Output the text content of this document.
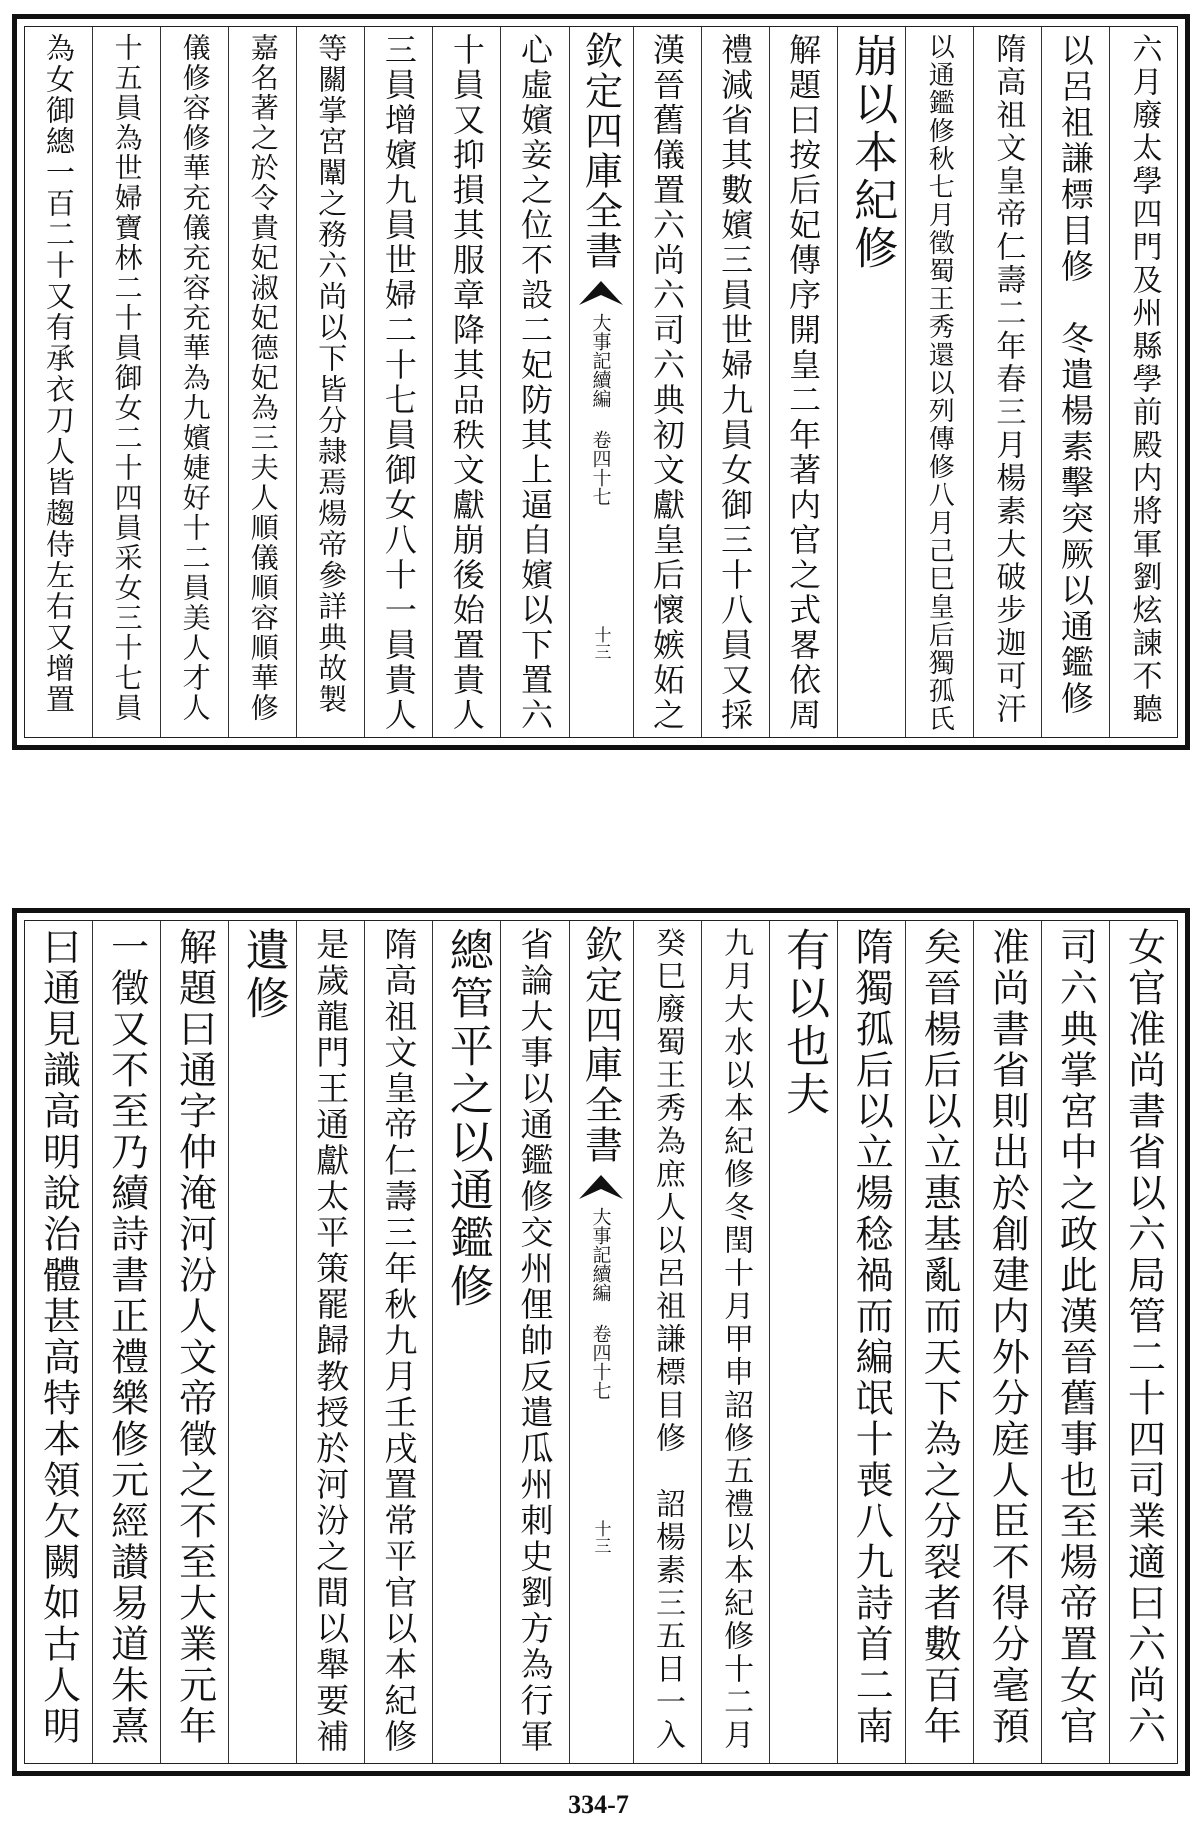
六月廢太學四門及州縣學前殿内將軍劉炫諫不聽
以呂祖謙標目修　冬遣楊素擊突厥以通鑑修
隋高祖文皇帝仁壽二年春三月楊素大破步迦可汗
以通鑑修秋七月徵蜀王秀還以列傳修八月己巳皇后獨孤氏
崩以本紀修
解題曰按后妃傳序開皇二年著内官之式畧依周
禮減省其數嬪三員世婦九員女御三十八員又採
漢晉舊儀置六尚六司六典初文獻皇后懷嫉妬之
欽定四庫全書
大事記續編 卷四十七
十三
心虛嬪妾之位不設二妃防其上逼自嬪以下置六
十員又抑損其服章降其品秩文獻崩後始置貴人
三員增嬪九員世婦二十七員御女八十一員貴人
等關掌宮闈之務六尚以下皆分隷焉煬帝參詳典故製
嘉名著之於令貴妃淑妃德妃為三夫人順儀順容順華修
儀修容修華充儀充容充華為九嬪婕好十二員美人才人
十五員為世婦寶林二十員御女二十四員采女三十七員
為女御總一百二十又有承衣刀人皆趨侍左右又增置
女官准尚書省以六局管二十四司業適曰六尚六
司六典掌宮中之政此漢晉舊事也至煬帝置女官
准尚書省則出於創建内外分庭人臣不得分毫預
矣晉楊后以立惠基亂而天下為之分裂者數百年
隋獨孤后以立煬稔禍而編氓十喪八九詩首二南
有以也夫
九月大水以本紀修冬閏十月甲申詔修五禮以本紀修十二月
癸巳廢蜀王秀為庶人以呂祖謙標目修　詔楊素三五日一入
欽定四庫全書
大事記續編 卷四十七
十三
省論大事以通鑑修交州俚帥反遣瓜州刺史劉方為行軍
總管平之以通鑑修
隋高祖文皇帝仁壽三年秋九月壬戌置常平官以本紀修
是歲龍門王通獻太平策罷歸教授於河汾之間以舉要補
遺修
解題曰通字仲淹河汾人文帝徵之不至大業元年
一徵又不至乃續詩書正禮樂修元經讃易道朱熹
曰通見識高明說治體甚高特本領欠闕如古人明
334-7
